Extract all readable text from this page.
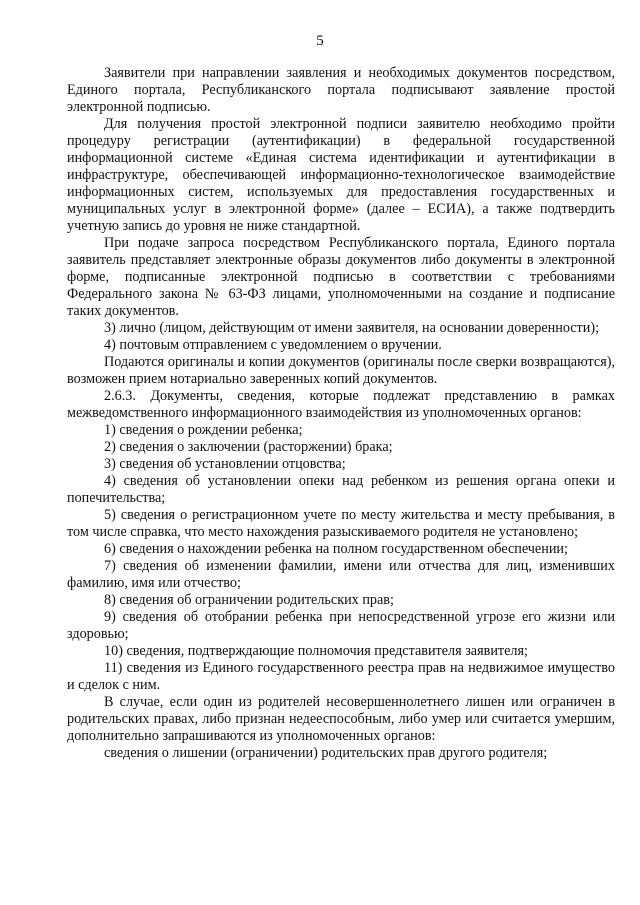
5

Заявители при направлении заявления и необходимых документов посредством, Единого портала, Республиканского портала подписывают заявление простой электронной подписью.

Для получения простой электронной подписи заявителю необходимо пройти процедуру регистрации (аутентификации) в федеральной государственной информационной системе «Единая система идентификации и аутентификации в инфраструктуре, обеспечивающей информационно-технологическое взаимодействие информационных систем, используемых для предоставления государственных и муниципальных услуг в электронной форме» (далее – ЕСИА), а также подтвердить учетную запись до уровня не ниже стандартной.

При подаче запроса посредством Республиканского портала, Единого портала заявитель представляет электронные образы документов либо документы в электронной форме, подписанные электронной подписью в соответствии с требованиями Федерального закона № 63-ФЗ лицами, уполномоченными на создание и подписание таких документов.

3) лично (лицом, действующим от имени заявителя, на основании доверенности);

4) почтовым отправлением с уведомлением о вручении.

Подаются оригиналы и копии документов (оригиналы после сверки возвращаются), возможен прием нотариально заверенных копий документов.

2.6.3. Документы, сведения, которые подлежат представлению в рамках межведомственного информационного взаимодействия из уполномоченных органов:

1) сведения о рождении ребенка;

2) сведения о заключении (расторжении) брака;

3) сведения об установлении отцовства;

4) сведения об установлении опеки над ребенком из решения органа опеки и попечительства;

5) сведения о регистрационном учете по месту жительства и месту пребывания, в том числе справка, что место нахождения разыскиваемого родителя не установлено;

6) сведения о нахождении ребенка на полном государственном обеспечении;

7) сведения об изменении фамилии, имени или отчества для лиц, изменивших фамилию, имя или отчество;

8) сведения об ограничении родительских прав;

9) сведения об отобрании ребенка при непосредственной угрозе его жизни или здоровью;

10) сведения, подтверждающие полномочия представителя заявителя;

11) сведения из Единого государственного реестра прав на недвижимое имущество и сделок с ним.

В случае, если один из родителей несовершеннолетнего лишен или ограничен в родительских правах, либо признан недееспособным, либо умер или считается умершим, дополнительно запрашиваются из уполномоченных органов:

сведения о лишении (ограничении) родительских прав другого родителя;
